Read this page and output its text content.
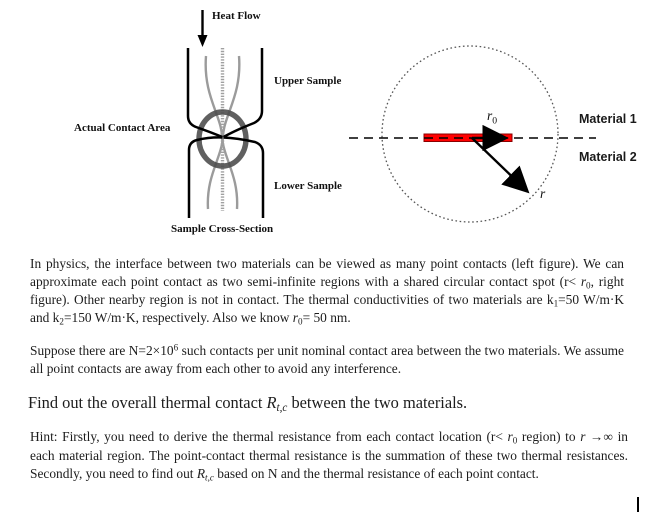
Heat Flow
Upper Sample
Actual Contact Area
Lower Sample
Sample Cross-Section
$r_0$
r
Material 1
Material 2
In physics, the interface between two materials can be viewed as many point contacts (left figure). We can approximate each point contact as two semi-infinite regions with a shared circular contact spot ($r< r_0$, right figure). Other nearby region is not in contact. The thermal conductivities of two materials are $k_1=50$ W/m·K and $k_2=150$ W/m·K, respectively. Also we know $r_0= 50$ nm.
Suppose there are $N=2\times 10^6$ such contacts per unit nominal contact area between the two materials. We assume all point contacts are away from each other to avoid any interference.
Find out the overall thermal contact $R_{t,c}$ between the two materials.
Hint: Firstly, you need to derive the thermal resistance from each contact location ($r< r_0$ region) to r →∞ in each material region. The point-contact thermal resistance is the summation of these two thermal resistances. Secondly, you need to find out $R_{t,c}$ based on N and the thermal resistance of each point contact.
